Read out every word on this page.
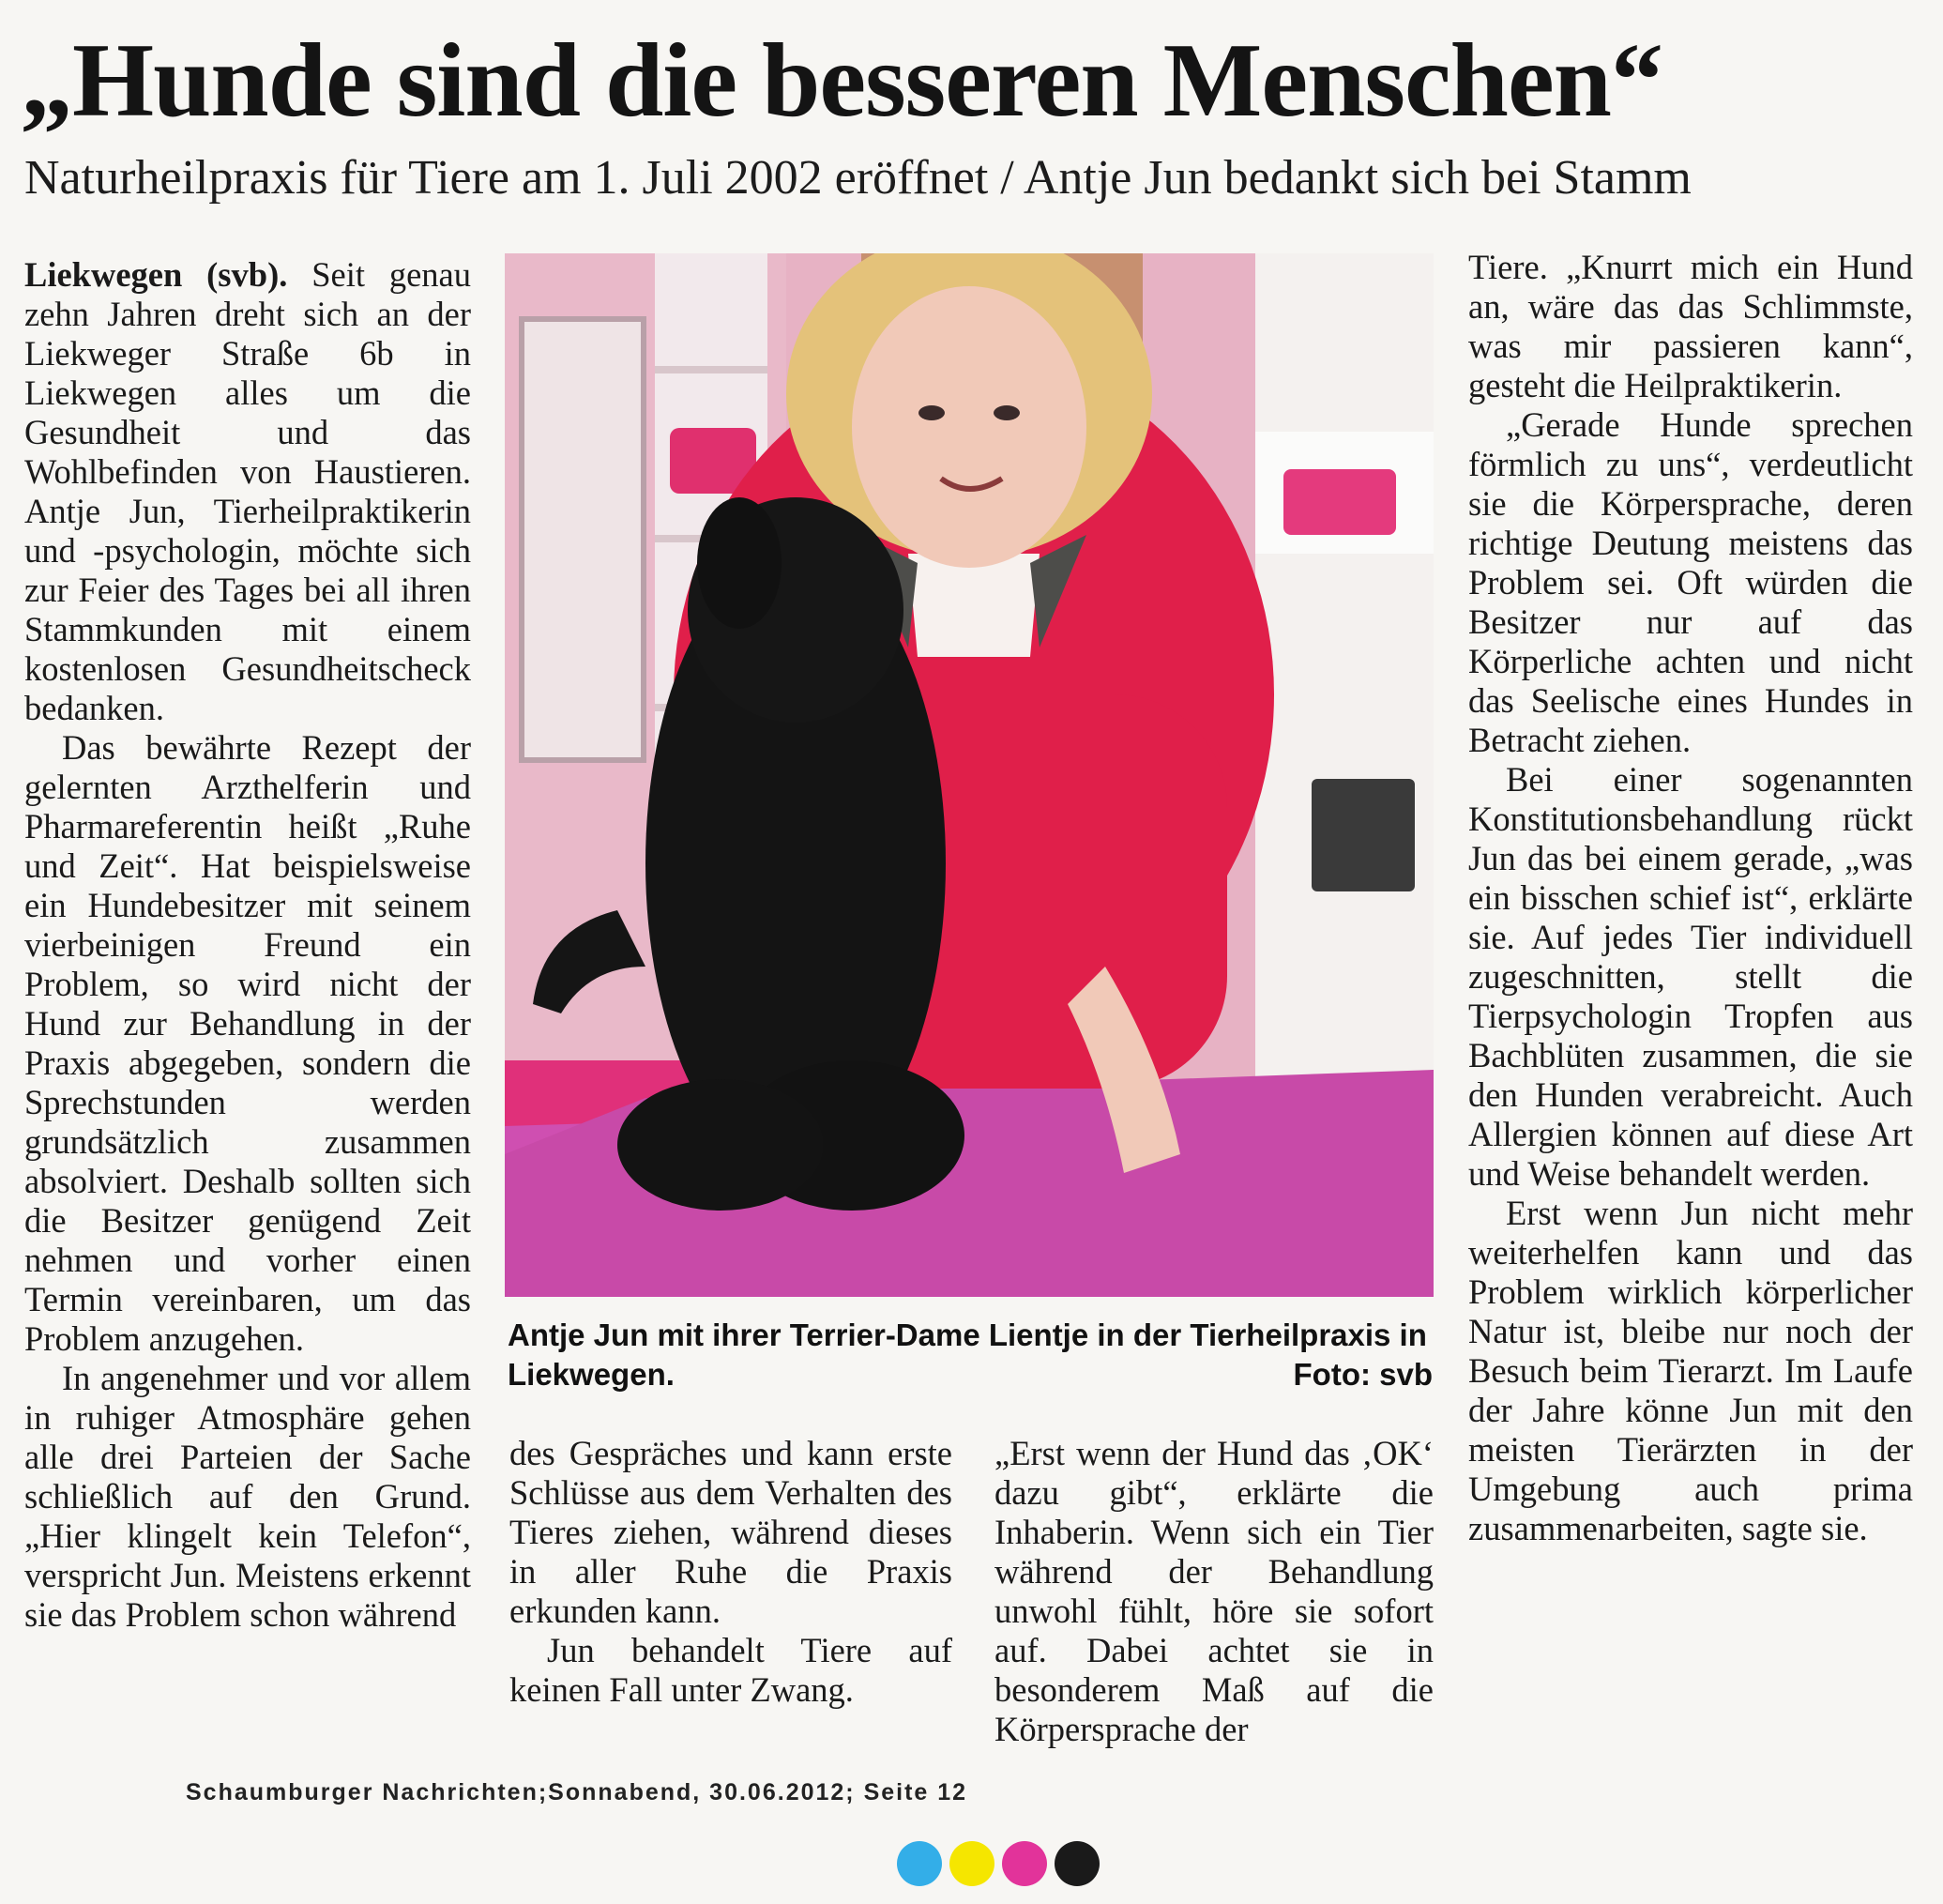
„Hunde sind die besseren Menschen“
Naturheilpraxis für Tiere am 1. Juli 2002 eröffnet / Antje Jun bedankt sich bei Stamm

Liekwegen (svb). Seit genau zehn Jahren dreht sich an der Liekweger Straße 6b in Liekwegen alles um die Gesundheit und das Wohlbefinden von Haustieren. Antje Jun, Tierheilpraktikerin und -psychologin, möchte sich zur Feier des Tages bei all ihren Stammkunden mit einem kostenlosen Gesundheitscheck bedanken.

Das bewährte Rezept der gelernten Arzthelferin und Pharmareferentin heißt „Ruhe und Zeit“. Hat beispielsweise ein Hundebesitzer mit seinem vierbeinigen Freund ein Problem, so wird nicht der Hund zur Behandlung in der Praxis abgegeben, sondern die Sprechstunden werden grundsätzlich zusammen absolviert. Deshalb sollten sich die Besitzer genügend Zeit nehmen und vorher einen Termin vereinbaren, um das Problem anzugehen.

In angenehmer und vor allem in ruhiger Atmosphäre gehen alle drei Parteien der Sache schließlich auf den Grund. „Hier klingelt kein Telefon“, verspricht Jun. Meistens erkennt sie das Problem schon während

Antje Jun mit ihrer Terrier-Dame Lientje in der Tierheilpraxis in Liekwegen.	Foto: svb

des Gespräches und kann erste Schlüsse aus dem Verhalten des Tieres ziehen, während dieses in aller Ruhe die Praxis erkunden kann.

Jun behandelt Tiere auf keinen Fall unter Zwang.

„Erst wenn der Hund das ‚OK‘ dazu gibt“, erklärte die Inhaberin. Wenn sich ein Tier während der Behandlung unwohl fühlt, höre sie sofort auf. Dabei achtet sie in besonderem Maß auf die Körpersprache der

Tiere. „Knurrt mich ein Hund an, wäre das das Schlimmste, was mir passieren kann“, gesteht die Heilpraktikerin.

„Gerade Hunde sprechen förmlich zu uns“, verdeutlicht sie die Körpersprache, deren richtige Deutung meistens das Problem sei. Oft würden die Besitzer nur auf das Körperliche achten und nicht das Seelische eines Hundes in Betracht ziehen.

Bei einer sogenannten Konstitutionsbehandlung rückt Jun das bei einem gerade, „was ein bisschen schief ist“, erklärte sie. Auf jedes Tier individuell zugeschnitten, stellt die Tierpsychologin Tropfen aus Bachblüten zusammen, die sie den Hunden verabreicht. Auch Allergien können auf diese Art und Weise behandelt werden.

Erst wenn Jun nicht mehr weiterhelfen kann und das Problem wirklich körperlicher Natur ist, bleibe nur noch der Besuch beim Tierarzt. Im Laufe der Jahre könne Jun mit den meisten Tierärzten in der Umgebung auch prima zusammenarbeiten, sagte sie.

Schaumburger Nachrichten;Sonnabend, 30.06.2012; Seite 12
